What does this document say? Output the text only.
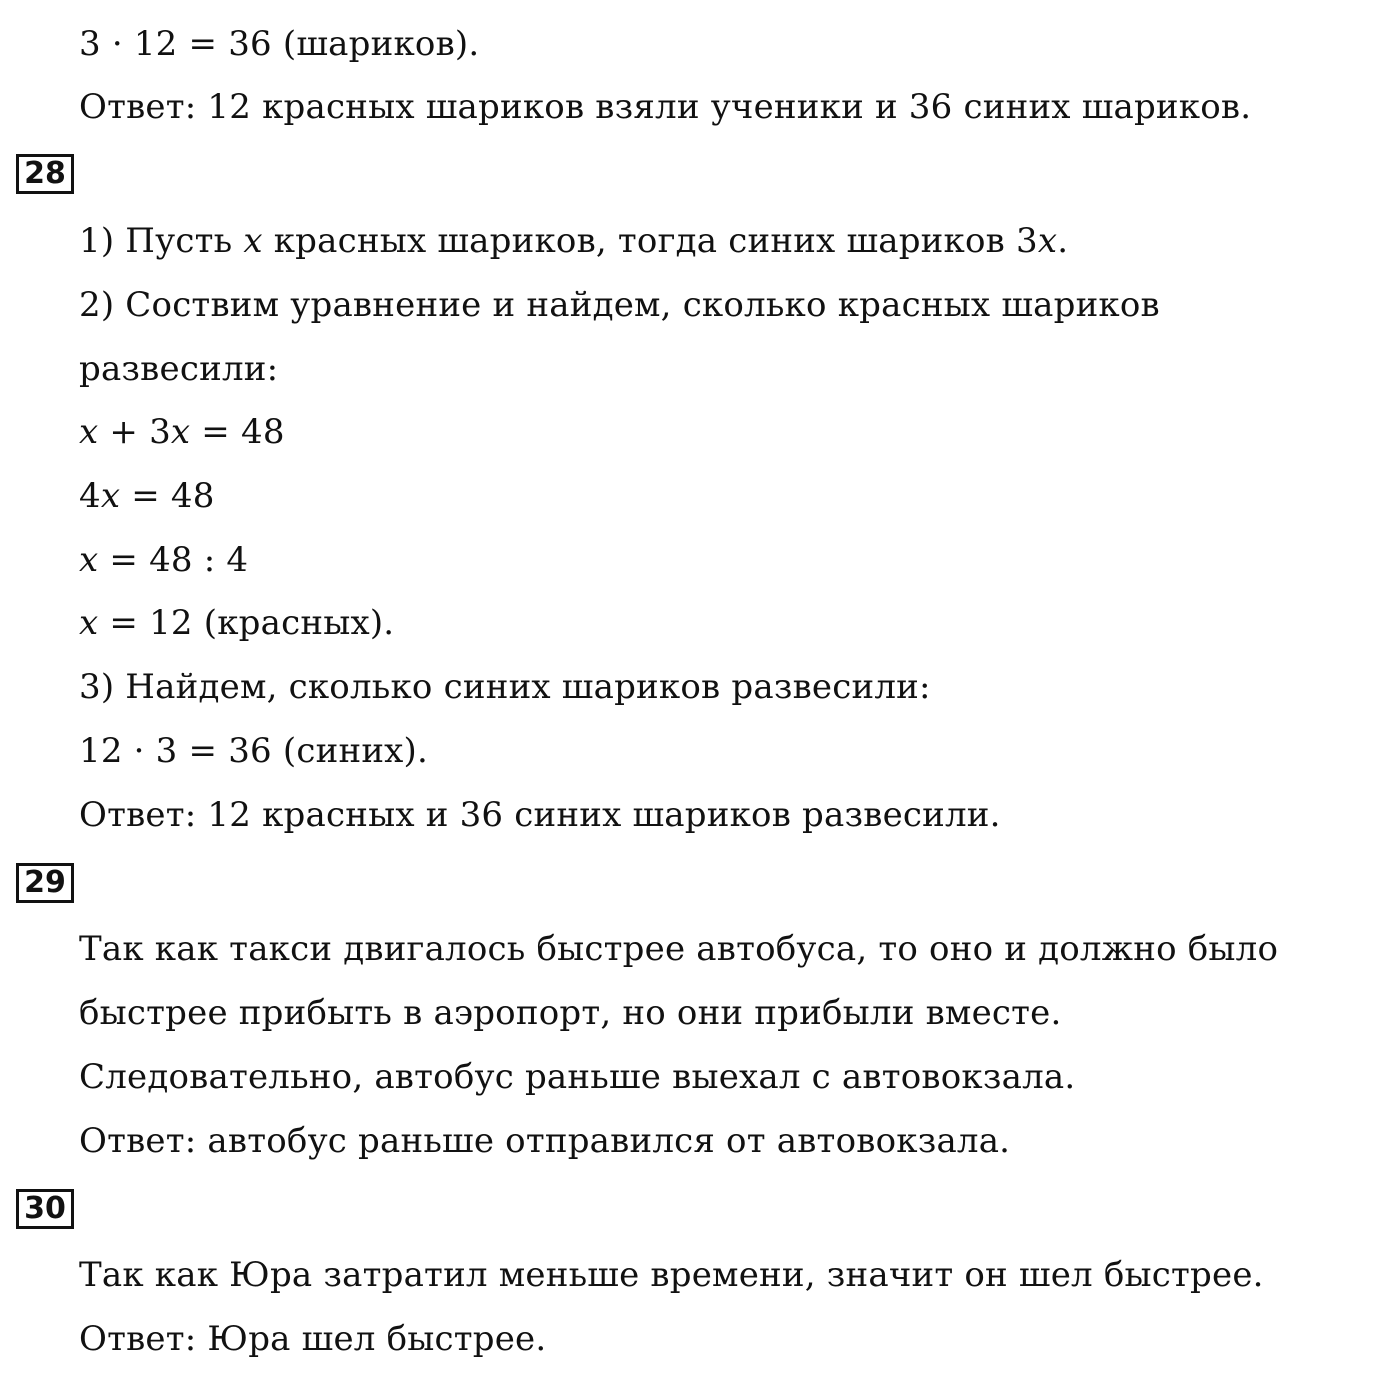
3 · 12 = 36 (шариков).
Ответ: 12 красных шариков взяли ученики и 36 синих шариков.
28
1) Пусть 𝑥 красных шариков, тогда синих шариков 3𝑥.
2) Соствим уравнение и найдем, сколько красных шариков
развесили:
𝑥 + 3𝑥 = 48
4𝑥 = 48
𝑥 = 48 : 4
𝑥 = 12 (красных).
3) Найдем, сколько синих шариков развесили:
12 · 3 = 36 (синих).
Ответ: 12 красных и 36 синих шариков развесили.
29
Так как такси двигалось быстрее автобуса, то оно и должно было
быстрее прибыть в аэропорт, но они прибыли вместе.
Следовательно, автобус раньше выехал с автовокзала.
Ответ: автобус раньше отправился от автовокзала.
30
Так как Юра затратил меньше времени, значит он шел быстрее.
Ответ: Юра шел быстрее.
